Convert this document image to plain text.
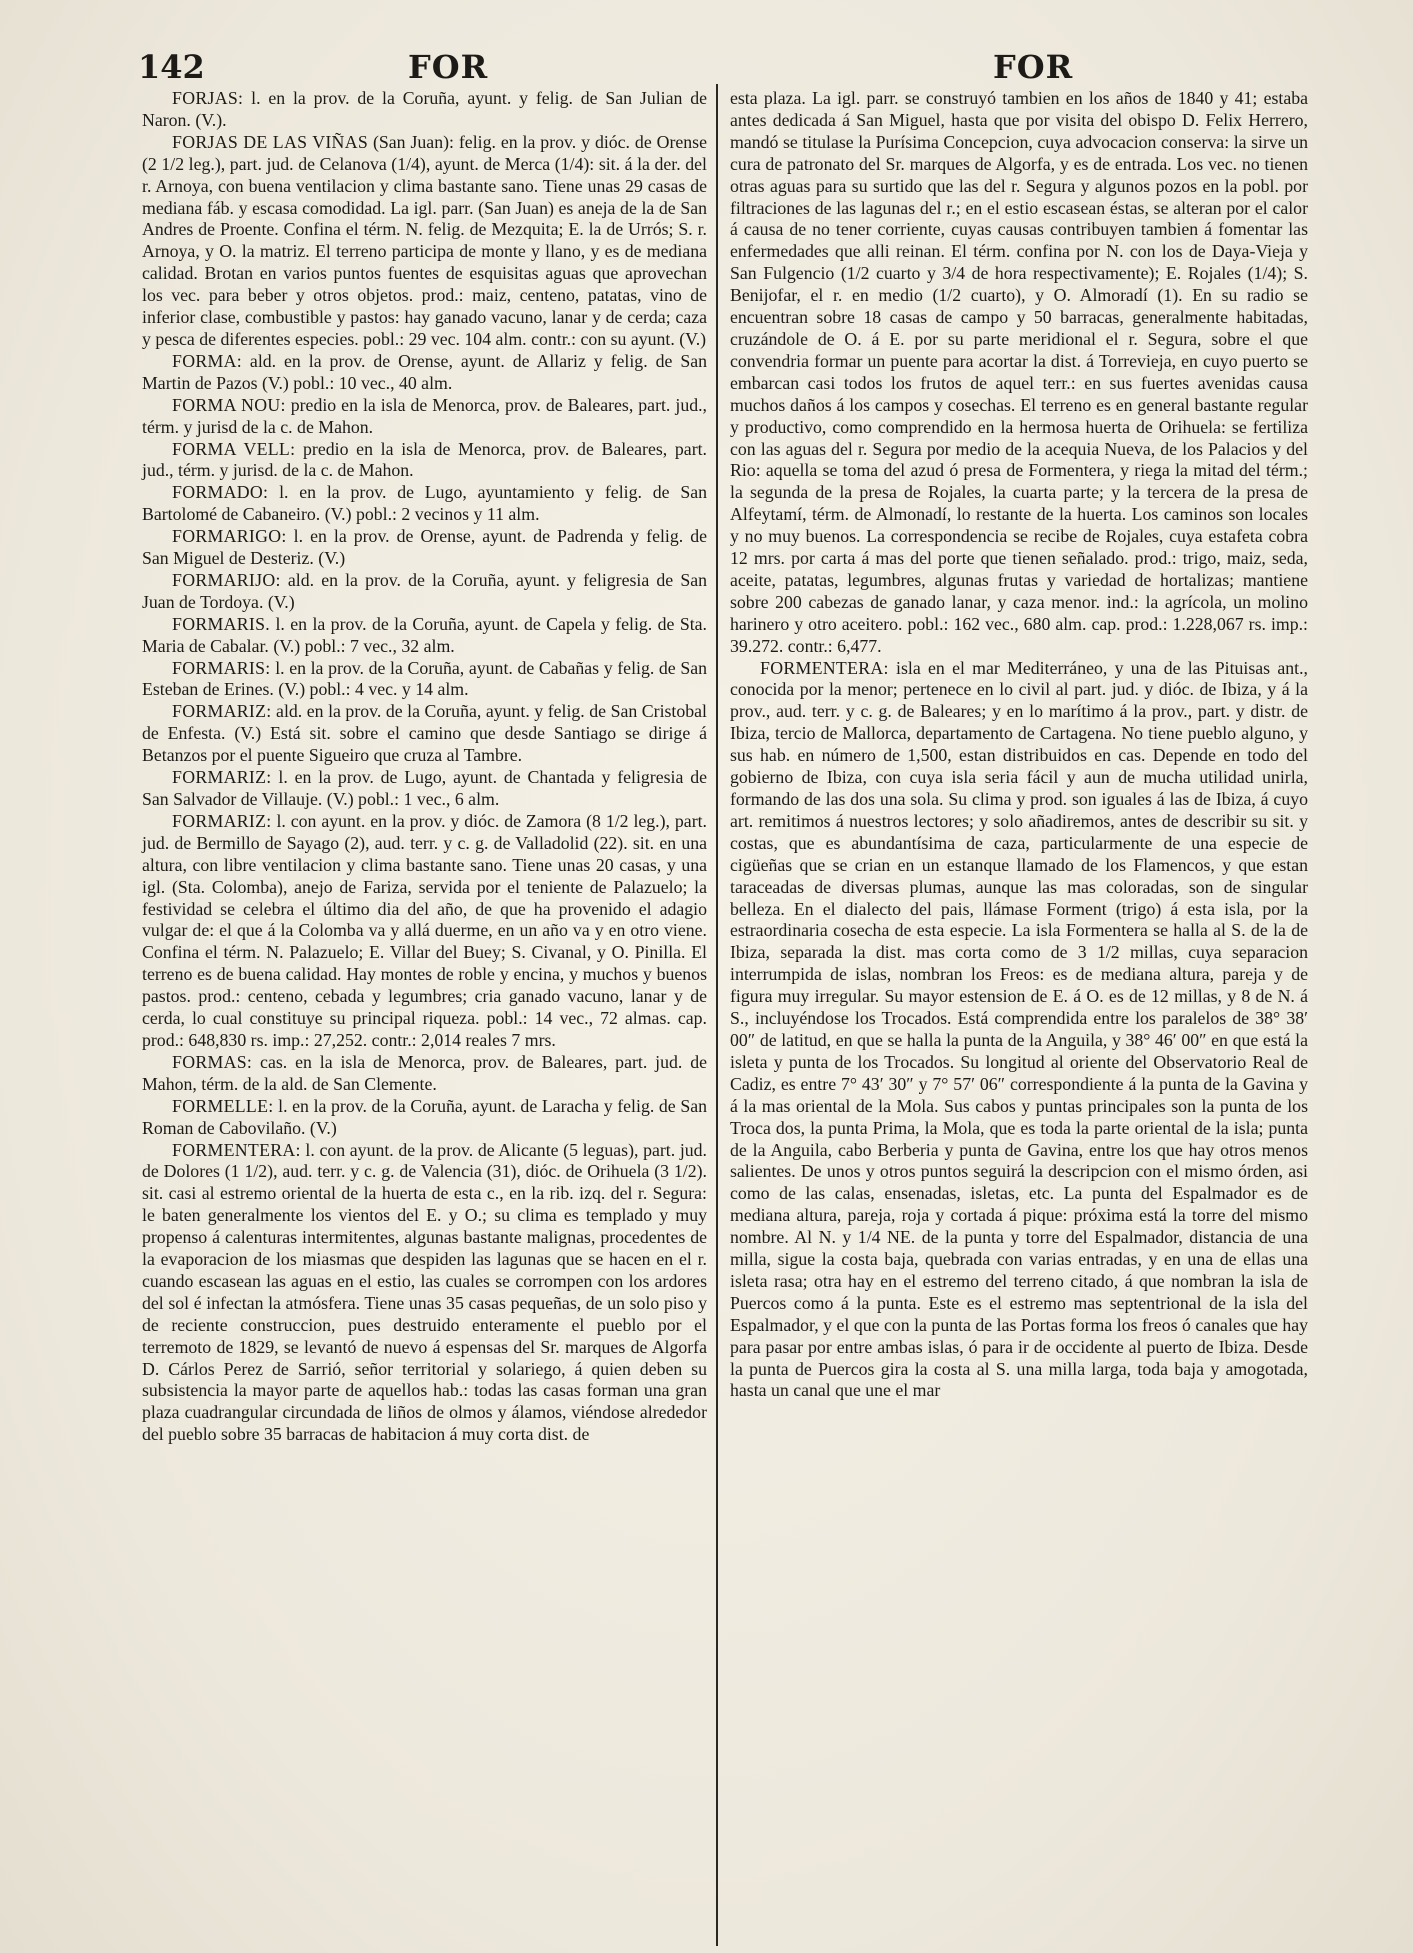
142	FOR	FOR

FORJAS: l. en la prov. de la Coruña, ayunt. y felig. de San Julian de Naron. (V.).

FORJAS DE LAS VIÑAS (San Juan): felig. en la prov. y dióc. de Orense (2 1/2 leg.), part. jud. de Celanova (1/4), ayunt. de Merca (1/4): sit. á la der. del r. Arnoya, con buena ventilacion y clima bastante sano. Tiene unas 29 casas de mediana fáb. y escasa comodidad. La igl. parr. (San Juan) es aneja de la de San Andres de Proente. Confina el térm. N. felig. de Mezquita; E. la de Urrós; S. r. Arnoya, y O. la matriz. El terreno participa de monte y llano, y es de mediana calidad. Brotan en varios puntos fuentes de esquisitas aguas que aprovechan los vec. para beber y otros objetos. prod.: maiz, centeno, patatas, vino de inferior clase, combustible y pastos: hay ganado vacuno, lanar y de cerda; caza y pesca de diferentes especies. pobl.: 29 vec. 104 alm. contr.: con su ayunt. (V.)

FORMA: ald. en la prov. de Orense, ayunt. de Allariz y felig. de San Martin de Pazos (V.) pobl.: 10 vec., 40 alm.

FORMA NOU: predio en la isla de Menorca, prov. de Baleares, part. jud., térm. y jurisd de la c. de Mahon.

FORMA VELL: predio en la isla de Menorca, prov. de Baleares, part. jud., térm. y jurisd. de la c. de Mahon.

FORMADO: l. en la prov. de Lugo, ayuntamiento y felig. de San Bartolomé de Cabaneiro. (V.) pobl.: 2 vecinos y 11 alm.

FORMARIGO: l. en la prov. de Orense, ayunt. de Padrenda y felig. de San Miguel de Desteriz. (V.)

FORMARIJO: ald. en la prov. de la Coruña, ayunt. y feligresia de San Juan de Tordoya. (V.)

FORMARIS. l. en la prov. de la Coruña, ayunt. de Capela y felig. de Sta. Maria de Cabalar. (V.) pobl.: 7 vec., 32 alm.

FORMARIS: l. en la prov. de la Coruña, ayunt. de Cabañas y felig. de San Esteban de Erines. (V.) pobl.: 4 vec. y 14 alm.

FORMARIZ: ald. en la prov. de la Coruña, ayunt. y felig. de San Cristobal de Enfesta. (V.) Está sit. sobre el camino que desde Santiago se dirige á Betanzos por el puente Sigueiro que cruza al Tambre.

FORMARIZ: l. en la prov. de Lugo, ayunt. de Chantada y feligresia de San Salvador de Villauje. (V.) pobl.: 1 vec., 6 alm.

FORMARIZ: l. con ayunt. en la prov. y dióc. de Zamora (8 1/2 leg.), part. jud. de Bermillo de Sayago (2), aud. terr. y c. g. de Valladolid (22). sit. en una altura, con libre ventilacion y clima bastante sano. Tiene unas 20 casas, y una igl. (Sta. Colomba), anejo de Fariza, servida por el teniente de Palazuelo; la festividad se celebra el último dia del año, de que ha provenido el adagio vulgar de: el que á la Colomba va y allá duerme, en un año va y en otro viene. Confina el térm. N. Palazuelo; E. Villar del Buey; S. Civanal, y O. Pinilla. El terreno es de buena calidad. Hay montes de roble y encina, y muchos y buenos pastos. prod.: centeno, cebada y legumbres; cria ganado vacuno, lanar y de cerda, lo cual constituye su principal riqueza. pobl.: 14 vec., 72 almas. cap. prod.: 648,830 rs. imp.: 27,252. contr.: 2,014 reales 7 mrs.

FORMAS: cas. en la isla de Menorca, prov. de Baleares, part. jud. de Mahon, térm. de la ald. de San Clemente.

FORMELLE: l. en la prov. de la Coruña, ayunt. de Laracha y felig. de San Roman de Cabovilaño. (V.)

FORMENTERA: l. con ayunt. de la prov. de Alicante (5 leguas), part. jud. de Dolores (1 1/2), aud. terr. y c. g. de Valencia (31), dióc. de Orihuela (3 1/2). sit. casi al estremo oriental de la huerta de esta c., en la rib. izq. del r. Segura: le baten generalmente los vientos del E. y O.; su clima es templado y muy propenso á calenturas intermitentes, algunas bastante malignas, procedentes de la evaporacion de los miasmas que despiden las lagunas que se hacen en el r. cuando escasean las aguas en el estio, las cuales se corrompen con los ardores del sol é infectan la atmósfera. Tiene unas 35 casas pequeñas, de un solo piso y de reciente construccion, pues destruido enteramente el pueblo por el terremoto de 1829, se levantó de nuevo á espensas del Sr. marques de Algorfa D. Cárlos Perez de Sarrió, señor territorial y solariego, á quien deben su subsistencia la mayor parte de aquellos hab.: todas las casas forman una gran plaza cuadrangular circundada de liños de olmos y álamos, viéndose alrededor del pueblo sobre 35 barracas de habitacion á muy corta dist. de

esta plaza. La igl. parr. se construyó tambien en los años de 1840 y 41; estaba antes dedicada á San Miguel, hasta que por visita del obispo D. Felix Herrero, mandó se titulase la Purísima Concepcion, cuya advocacion conserva: la sirve un cura de patronato del Sr. marques de Algorfa, y es de entrada. Los vec. no tienen otras aguas para su surtido que las del r. Segura y algunos pozos en la pobl. por filtraciones de las lagunas del r.; en el estio escasean éstas, se alteran por el calor á causa de no tener corriente, cuyas causas contribuyen tambien á fomentar las enfermedades que alli reinan. El térm. confina por N. con los de Daya-Vieja y San Fulgencio (1/2 cuarto y 3/4 de hora respectivamente); E. Rojales (1/4); S. Benijofar, el r. en medio (1/2 cuarto), y O. Almoradí (1). En su radio se encuentran sobre 18 casas de campo y 50 barracas, generalmente habitadas, cruzándole de O. á E. por su parte meridional el r. Segura, sobre el que convendria formar un puente para acortar la dist. á Torrevieja, en cuyo puerto se embarcan casi todos los frutos de aquel terr.: en sus fuertes avenidas causa muchos daños á los campos y cosechas. El terreno es en general bastante regular y productivo, como comprendido en la hermosa huerta de Orihuela: se fertiliza con las aguas del r. Segura por medio de la acequia Nueva, de los Palacios y del Rio: aquella se toma del azud ó presa de Formentera, y riega la mitad del térm.; la segunda de la presa de Rojales, la cuarta parte; y la tercera de la presa de Alfeytamí, térm. de Almonadí, lo restante de la huerta. Los caminos son locales y no muy buenos. La correspondencia se recibe de Rojales, cuya estafeta cobra 12 mrs. por carta á mas del porte que tienen señalado. prod.: trigo, maiz, seda, aceite, patatas, legumbres, algunas frutas y variedad de hortalizas; mantiene sobre 200 cabezas de ganado lanar, y caza menor. ind.: la agrícola, un molino harinero y otro aceitero. pobl.: 162 vec., 680 alm. cap. prod.: 1.228,067 rs. imp.: 39.272. contr.: 6,477.

FORMENTERA: isla en el mar Mediterráneo, y una de las Pituisas ant., conocida por la menor; pertenece en lo civil al part. jud. y dióc. de Ibiza, y á la prov., aud. terr. y c. g. de Baleares; y en lo marítimo á la prov., part. y distr. de Ibiza, tercio de Mallorca, departamento de Cartagena. No tiene pueblo alguno, y sus hab. en número de 1,500, estan distribuidos en cas. Depende en todo del gobierno de Ibiza, con cuya isla seria fácil y aun de mucha utilidad unirla, formando de las dos una sola. Su clima y prod. son iguales á las de Ibiza, á cuyo art. remitimos á nuestros lectores; y solo añadiremos, antes de describir su sit. y costas, que es abundantísima de caza, particularmente de una especie de cigüeñas que se crian en un estanque llamado de los Flamencos, y que estan taraceadas de diversas plumas, aunque las mas coloradas, son de singular belleza. En el dialecto del pais, llámase Forment (trigo) á esta isla, por la estraordinaria cosecha de esta especie. La isla Formentera se halla al S. de la de Ibiza, separada la dist. mas corta como de 3 1/2 millas, cuya separacion interrumpida de islas, nombran los Freos: es de mediana altura, pareja y de figura muy irregular. Su mayor estension de E. á O. es de 12 millas, y 8 de N. á S., incluyéndose los Trocados. Está comprendida entre los paralelos de 38° 38′ 00″ de latitud, en que se halla la punta de la Anguila, y 38° 46′ 00″ en que está la isleta y punta de los Trocados. Su longitud al oriente del Observatorio Real de Cadiz, es entre 7° 43′ 30″ y 7° 57′ 06″ correspondiente á la punta de la Gavina y á la mas oriental de la Mola. Sus cabos y puntas principales son la punta de los Troca dos, la punta Prima, la Mola, que es toda la parte oriental de la isla; punta de la Anguila, cabo Berberia y punta de Gavina, entre los que hay otros menos salientes. De unos y otros puntos seguirá la descripcion con el mismo órden, asi como de las calas, ensenadas, isletas, etc. La punta del Espalmador es de mediana altura, pareja, roja y cortada á pique: próxima está la torre del mismo nombre. Al N. y 1/4 NE. de la punta y torre del Espalmador, distancia de una milla, sigue la costa baja, quebrada con varias entradas, y en una de ellas una isleta rasa; otra hay en el estremo del terreno citado, á que nombran la isla de Puercos como á la punta. Este es el estremo mas septentrional de la isla del Espalmador, y el que con la punta de las Portas forma los freos ó canales que hay para pasar por entre ambas islas, ó para ir de occidente al puerto de Ibiza. Desde la punta de Puercos gira la costa al S. una milla larga, toda baja y amogotada, hasta un canal que une el mar
